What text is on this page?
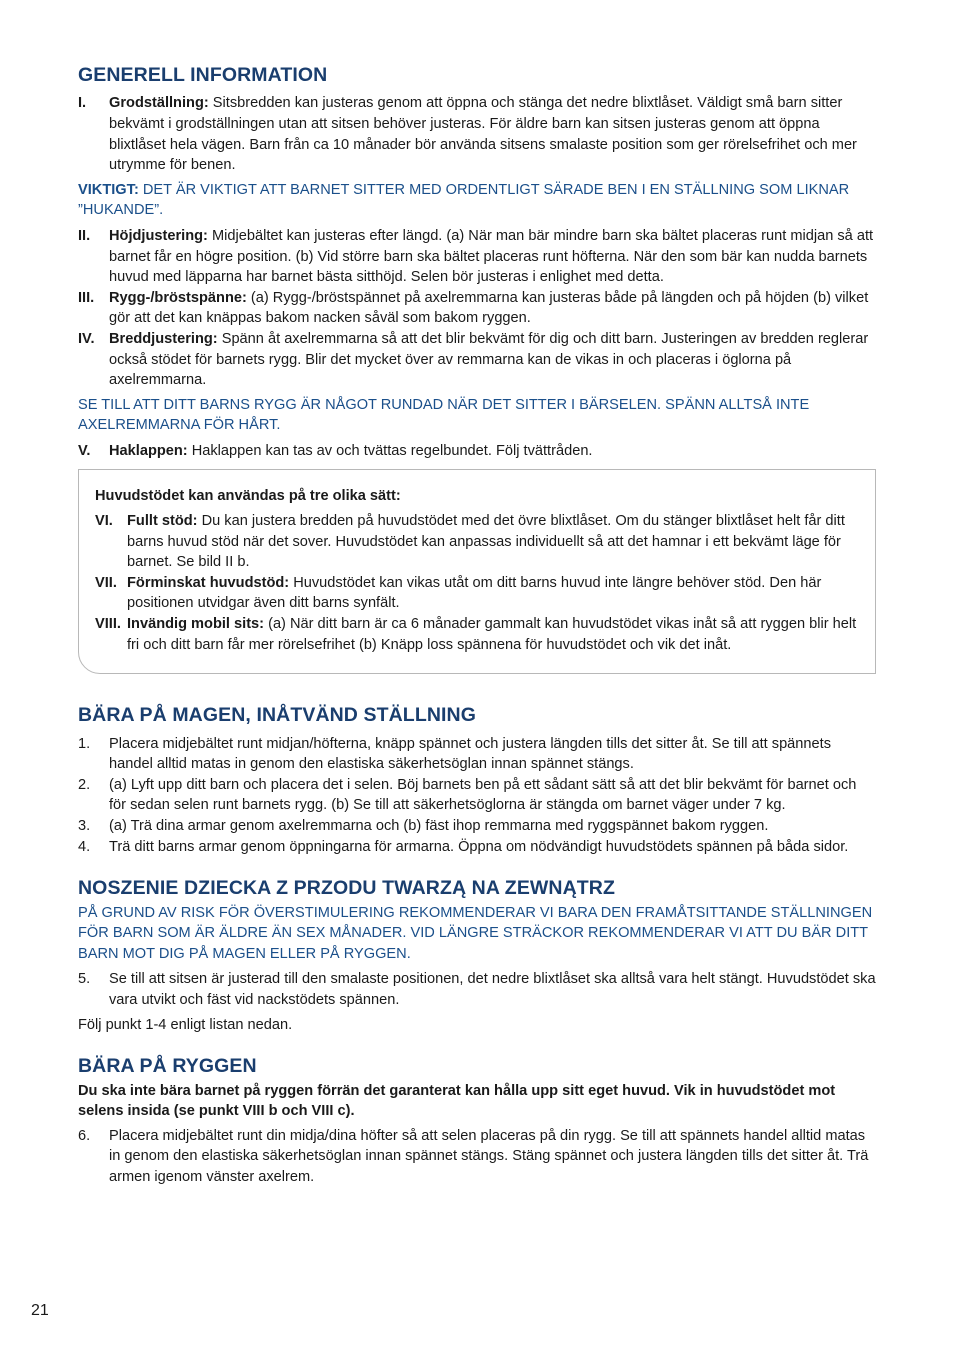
GENERELL INFORMATION

I. Grodställning: Sitsbredden kan justeras genom att öppna och stänga det nedre blixtlåset. Väldigt små barn sitter bekvämt i grodställningen utan att sitsen behöver justeras. För äldre barn kan sitsen justeras genom att öppna blixtlåset hela vägen. Barn från ca 10 månader bör använda sitsens smalaste position som ger rörelsefrihet och mer utrymme för benen.

VIKTIGT: DET ÄR VIKTIGT ATT BARNET SITTER MED ORDENTLIGT SÄRADE BEN I EN STÄLLNING SOM LIKNAR ”HUKANDE”.

II. Höjdjustering: Midjebältet kan justeras efter längd. (a) När man bär mindre barn ska bältet placeras runt midjan så att barnet får en högre position. (b) Vid större barn ska bältet placeras runt höfterna. När den som bär kan nudda barnets huvud med läpparna har barnet bästa sitthöjd. Selen bör justeras i enlighet med detta.

III. Rygg-/bröstspänne: (a) Rygg-/bröstspännet på axelremmarna kan justeras både på längden och på höjden (b) vilket gör att det kan knäppas bakom nacken såväl som bakom ryggen.

IV. Breddjustering: Spänn åt axelremmarna så att det blir bekvämt för dig och ditt barn. Justeringen av bredden reglerar också stödet för barnets rygg. Blir det mycket över av remmarna kan de vikas in och placeras i öglorna på axelremmarna.

SE TILL ATT DITT BARNS RYGG ÄR NÅGOT RUNDAD NÄR DET SITTER I BÄRSELEN. SPÄNN ALLTSÅ INTE AXELREMMARNA FÖR HÅRT.

V. Haklappen: Haklappen kan tas av och tvättas regelbundet. Följ tvättråden.

Huvudstödet kan användas på tre olika sätt:

VI. Fullt stöd: Du kan justera bredden på huvudstödet med det övre blixtlåset. Om du stänger blixtlåset helt får ditt barns huvud stöd när det sover. Huvudstödet kan anpassas individuellt så att det hamnar i ett bekvämt läge för barnet. Se bild II b.

VII. Förminskat huvudstöd: Huvudstödet kan vikas utåt om ditt barns huvud inte längre behöver stöd. Den här positionen utvidgar även ditt barns synfält.

VIII. Invändig mobil sits: (a) När ditt barn är ca 6 månader gammalt kan huvudstödet vikas inåt så att ryggen blir helt fri och ditt barn får mer rörelsefrihet (b) Knäpp loss spännena för huvudstödet och vik det inåt.

BÄRA PÅ MAGEN, INÅTVÄND STÄLLNING

1. Placera midjebältet runt midjan/höfterna, knäpp spännet och justera längden tills det sitter åt. Se till att spännets handel alltid matas in genom den elastiska säkerhetsöglan innan spännet stängs.

2. (a) Lyft upp ditt barn och placera det i selen. Böj barnets ben på ett sådant sätt så att det blir bekvämt för barnet och för sedan selen runt barnets rygg. (b) Se till att säkerhetsöglorna är stängda om barnet väger under 7 kg.

3. (a) Trä dina armar genom axelremmarna och (b) fäst ihop remmarna med ryggspännet bakom ryggen.

4. Trä ditt barns armar genom öppningarna för armarna. Öppna om nödvändigt huvudstödets spännen på båda sidor.

NOSZENIE DZIECKA Z PRZODU TWARZĄ NA ZEWNĄTRZ

PÅ GRUND AV RISK FÖR ÖVERSTIMULERING REKOMMENDERAR VI BARA DEN FRAMÅTSITTANDE STÄLLNINGEN FÖR BARN SOM ÄR ÄLDRE ÄN SEX MÅNADER. VID LÄNGRE STRÄCKOR REKOMMENDERAR VI ATT DU BÄR DITT BARN MOT DIG PÅ MAGEN ELLER PÅ RYGGEN.

5. Se till att sitsen är justerad till den smalaste positionen, det nedre blixtlåset ska alltså vara helt stängt. Huvudstödet ska vara utvikt och fäst vid nackstödets spännen.

Följ punkt 1-4 enligt listan nedan.

BÄRA PÅ RYGGEN

Du ska inte bära barnet på ryggen förrän det garanterat kan hålla upp sitt eget huvud. Vik in huvudstödet mot selens insida (se punkt VIII b och VIII c).

6. Placera midjebältet runt din midja/dina höfter så att selen placeras på din rygg. Se till att spännets handel alltid matas in genom den elastiska säkerhetsöglan innan spännet stängs. Stäng spännet och justera längden tills det sitter åt. Trä armen igenom vänster axelrem.

21
